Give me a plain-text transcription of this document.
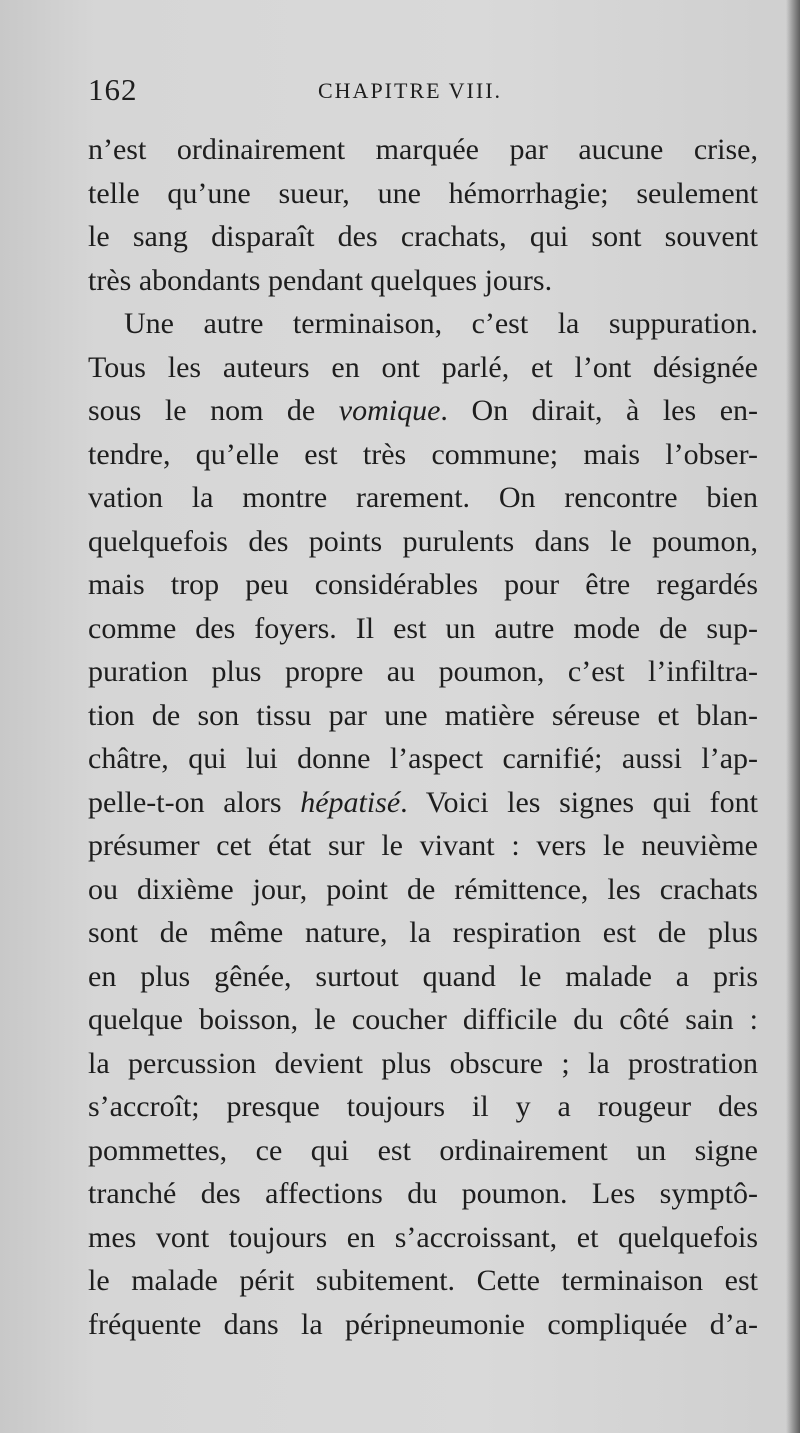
162	CHAPITRE VIII.
n’est ordinairement marquée par aucune crise,
telle qu’une sueur, une hémorrhagie; seulement
le sang disparaît des crachats, qui sont souvent
très abondants pendant quelques jours.
Une autre terminaison, c’est la suppuration.
Tous les auteurs en ont parlé, et l’ont désignée
sous le nom de vomique. On dirait, à les en-
tendre, qu’elle est très commune; mais l’obser-
vation la montre rarement. On rencontre bien
quelquefois des points purulents dans le poumon,
mais trop peu considérables pour être regardés
comme des foyers. Il est un autre mode de sup-
puration plus propre au poumon, c’est l’infiltra-
tion de son tissu par une matière séreuse et blan-
châtre, qui lui donne l’aspect carnifié; aussi l’ap-
pelle-t-on alors hépatisé. Voici les signes qui font
présumer cet état sur le vivant : vers le neuvième
ou dixième jour, point de rémittence, les crachats
sont de même nature, la respiration est de plus
en plus gênée, surtout quand le malade a pris
quelque boisson, le coucher difficile du côté sain :
la percussion devient plus obscure ; la prostration
s’accroît; presque toujours il y a rougeur des
pommettes, ce qui est ordinairement un signe
tranché des affections du poumon. Les symptô-
mes vont toujours en s’accroissant, et quelquefois
le malade périt subitement. Cette terminaison est
fréquente dans la péripneumonie compliquée d’a-
